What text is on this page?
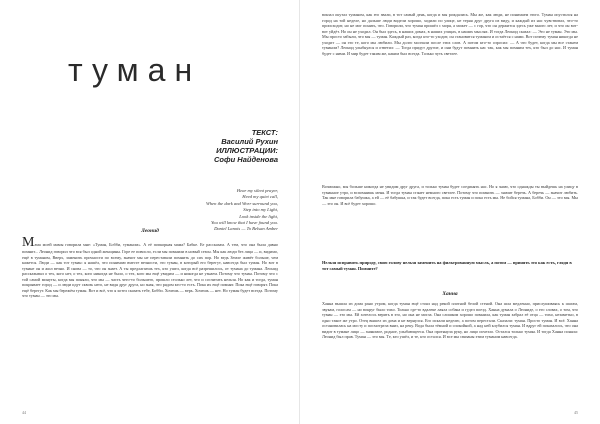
туман
ТЕКСТ:
Василий Рухин
ИЛЛЮСТРАЦИИ:
Софи Найденова
Hear my silent prayer,
Heed my quiet call,
When the dark and Worr surround you,
Step into my Light,
Look inside the light,
You will know that I have found you.
Daniel Lanois — To Belsan Amber
Леонид

Мама моей мамы говорила мне: «Туман, Бобби, туманом». А её попкорная мама? Бабке. Ее рассказам. А тем, что она была давно помнит... Леонид говорил что вся был одной женщины. Горе ее повисло, если мы помнили в новый сезон. Мы как люди без лица — и, видимо, ещё в туманом, Вверх, заменить прочности по всему, значит мы не переставали помнить до сих пор. Но ведь Земле живёт больше, чем кажется. Люди — как тот туман: я нашёл, что понимаю вместе вечности, это туман, в который его берегут, навсегда был туман. Но вот в тумане он и жил вечно. И снова — то, что он знает. А ты предлагаешь тех, кто ушел, когда всё разрешилось, от тумана до тумана. Леонид рассказывал о тех, кого нет, о тех, кого никогда не было, о тех, кого мы ещё увидим — и никогда не узнаем. Потому что туман. Потому что с той самой минуты, когда мы поняли, что мы — часть чего-то большего, прошло столько лет, что и сосчитать нельзя. Но как и тогда, туман покрывает город — и люди идут сквозь него, не видя друг друга, но зная, что рядом кто-то есть. Пока их ещё помнят. Пока ещё говорят. Пока ещё берегут. Как мы бережём туман. Вот и всё, что я хотел сказать тебе, Бобби. Хочешь — верь. Хочешь — нет. Но туман будет всегда. Потому что туман — это мы.

44

вокзал окутал туманом, как его звали, в тот самый день, когда и мы рождались. Мы же, как люди, не понимаем этого. Туман опустился на город на той неделе, но дальше люди видели хорошо, ходили по улице, не теряя друг друга из виду, и каждый из нас чувствовал, что-то происходит, но не мог понять, что. Говорили, что туман пришёл с моря, а может — с гор, что он держится здесь уже много лет, и что он вот-вот уйдёт. Но он не уходил. Он был здесь, в наших домах, в наших улицах, в наших мыслях. И тогда Леонид сказал: — Это не туман. Это мы. Мы просто забыли, что мы — туман. Каждый раз, когда кто-то уходит, он становится туманом и остаётся с нами. Вот почему туман никогда не уходит — он это те, кого мы любили. Мы долго молчали после этих слов. А потом кто-то спросил: — А что будет, когда мы все станем туманом? Леонид улыбнулся и ответил: — Тогда придут другие, и они будут помнить нас так, как мы помним тех, кто был до нас. И туман будет с ними. И мир будет таким же, каким был всегда. Только чуть светлее.

Возможно, мы больше никогда не увидим друг друга, и только туман будет соединять нас. Но я знаю, что однажды ты выйдешь на улицу в туманное утро, и вспомнишь меня. И тогда туман станет немного светлее. Потому что помнить — значит беречь. А беречь — значит любить. Так мне говорила бабушка, а ей — её бабушка, и так будет всегда, пока есть туман и пока есть мы. Не бойся тумана, Бобби. Он — это мы. Мы — это он. И всё будет хорошо.

Нельзя исправить природу, свою голову нельзя заменить на фильтрованную мысль, а потом — принять это как есть, глядя в тот самый туман. Помните?

Ханна

Ханна вышла из дома рано утром, когда туман ещё стоял над рекой плотной белой стеной. Она шла медленно, прислушиваясь к шагам, звукам, голосам — но вокруг было тихо. Только где-то вдалеке лаяла собака и гудел поезд. Ханна думала о Леониде, о его словах, о том, что туман — это мы. Ей хотелось верить в это, но она не могла. Она слишком хорошо помнила, как туман забрал её отца — тихо, незаметно, в одно такое же утро. Отец вышел из дома и не вернулся. Его искали неделю, а потом перестали. Сказали: туман. Просто туман. И всё. Ханна остановилась на мосту и посмотрела вниз, на реку. Вода была тёмной и спокойной, а над ней клубился туман. И вдруг ей показалось, что она видит в тумане лицо — знакомое, родное, улыбающееся. Она протянула руку, но лицо исчезло. Остался только туман. И тогда Ханна поняла: Леонид был прав. Туман — это мы. Те, кто ушёл, и те, кто остался. И все мы связаны этим туманом навсегда.

45
